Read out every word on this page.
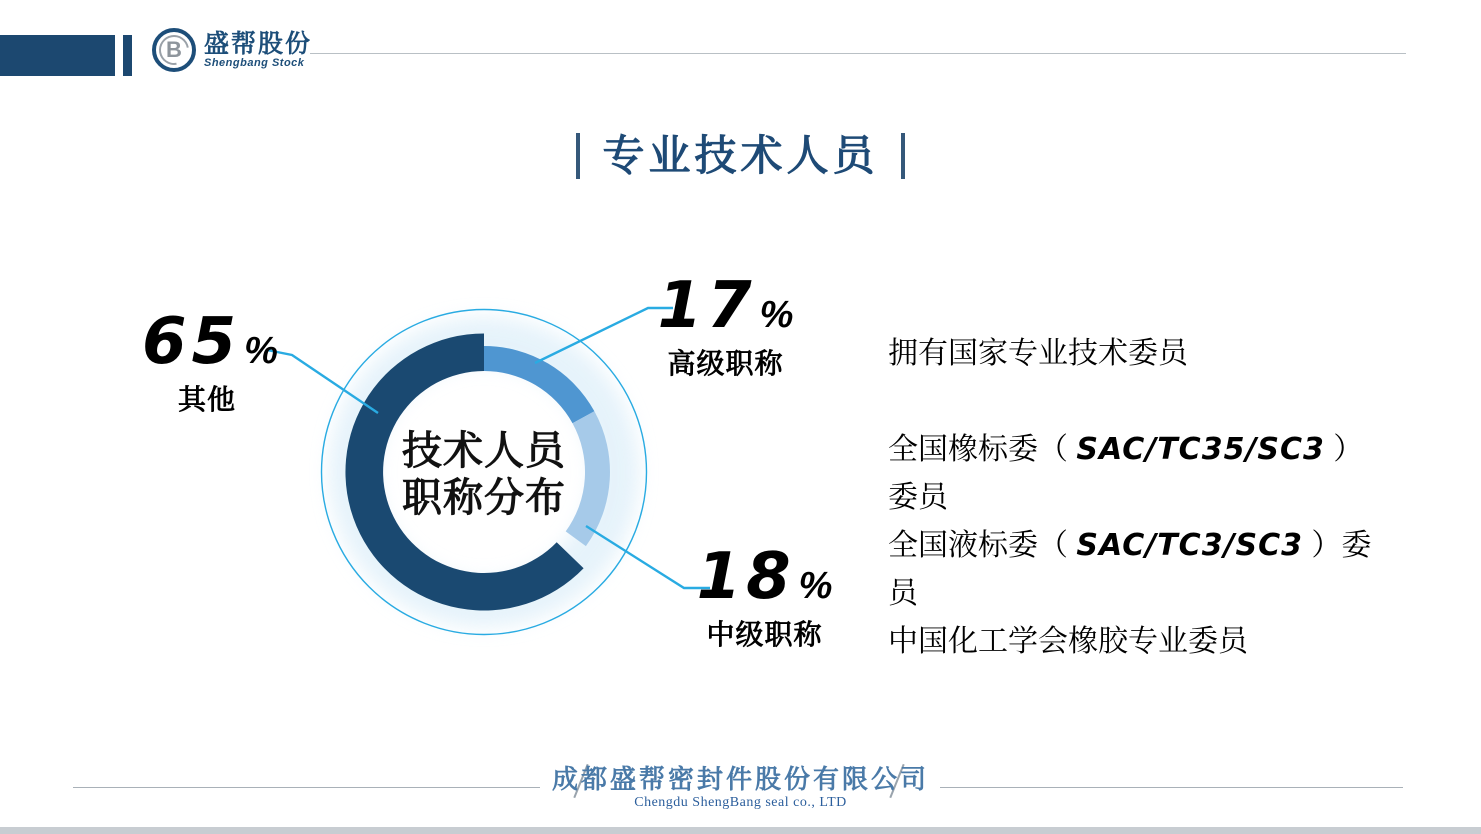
B 盛帮股份
Shengbang Stock
专业技术人员
技术人员
职称分布
65%
其他
17%
高级职称
18%
中级职称
拥有国家专业技术委员

全国橡标委（ SAC/TC35/SC3 ）
委员
全国液标委（ SAC/TC3/SC3 ）委
员
中国化工学会橡胶专业委员
成都盛帮密封件股份有限公司
Chengdu ShengBang seal co., LTD
